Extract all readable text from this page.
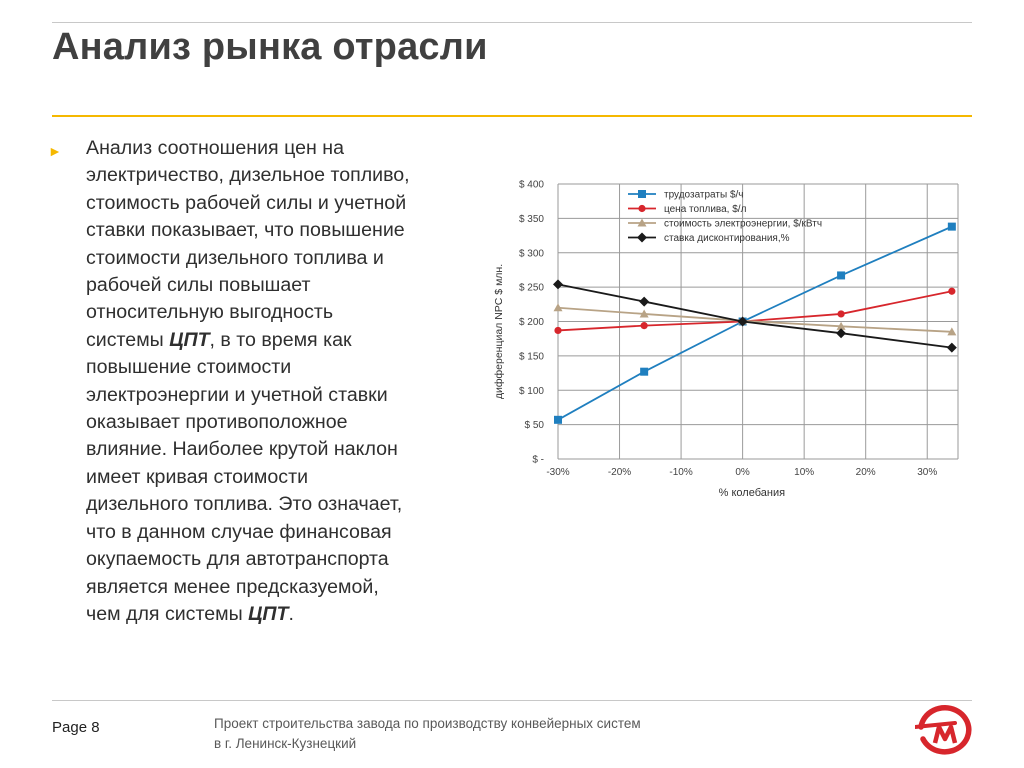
Анализ рынка отрасли
► Анализ соотношения цен на
электричество, дизельное топливо,
стоимость рабочей силы и учетной
ставки показывает, что повышение
стоимости дизельного топлива и
рабочей силы повышает
относительную выгодность
системы ЦПТ, в то время как
повышение стоимости
электроэнергии и учетной ставки
оказывает противоположное
влияние. Наиболее крутой наклон
имеет кривая стоимости
дизельного топлива. Это означает,
что в данном случае финансовая
окупаемость для автотранспорта
является менее предсказуемой,
чем для системы ЦПТ.
$ -
$ 50
$ 100
$ 150
$ 200
$ 250
$ 300
$ 350
$ 400
-30%	-20%	-10%	0%	10%	20%	30%
% колебания
дифференциал NPC $ млн.
трудозатраты $/ч
цена топлива, $/л
стоимость электроэнергии, $/кВтч
ставка дисконтирования,%
Page 8	Проект строительства завода по производству конвейерных систем
в г. Ленинск-Кузнецкий
